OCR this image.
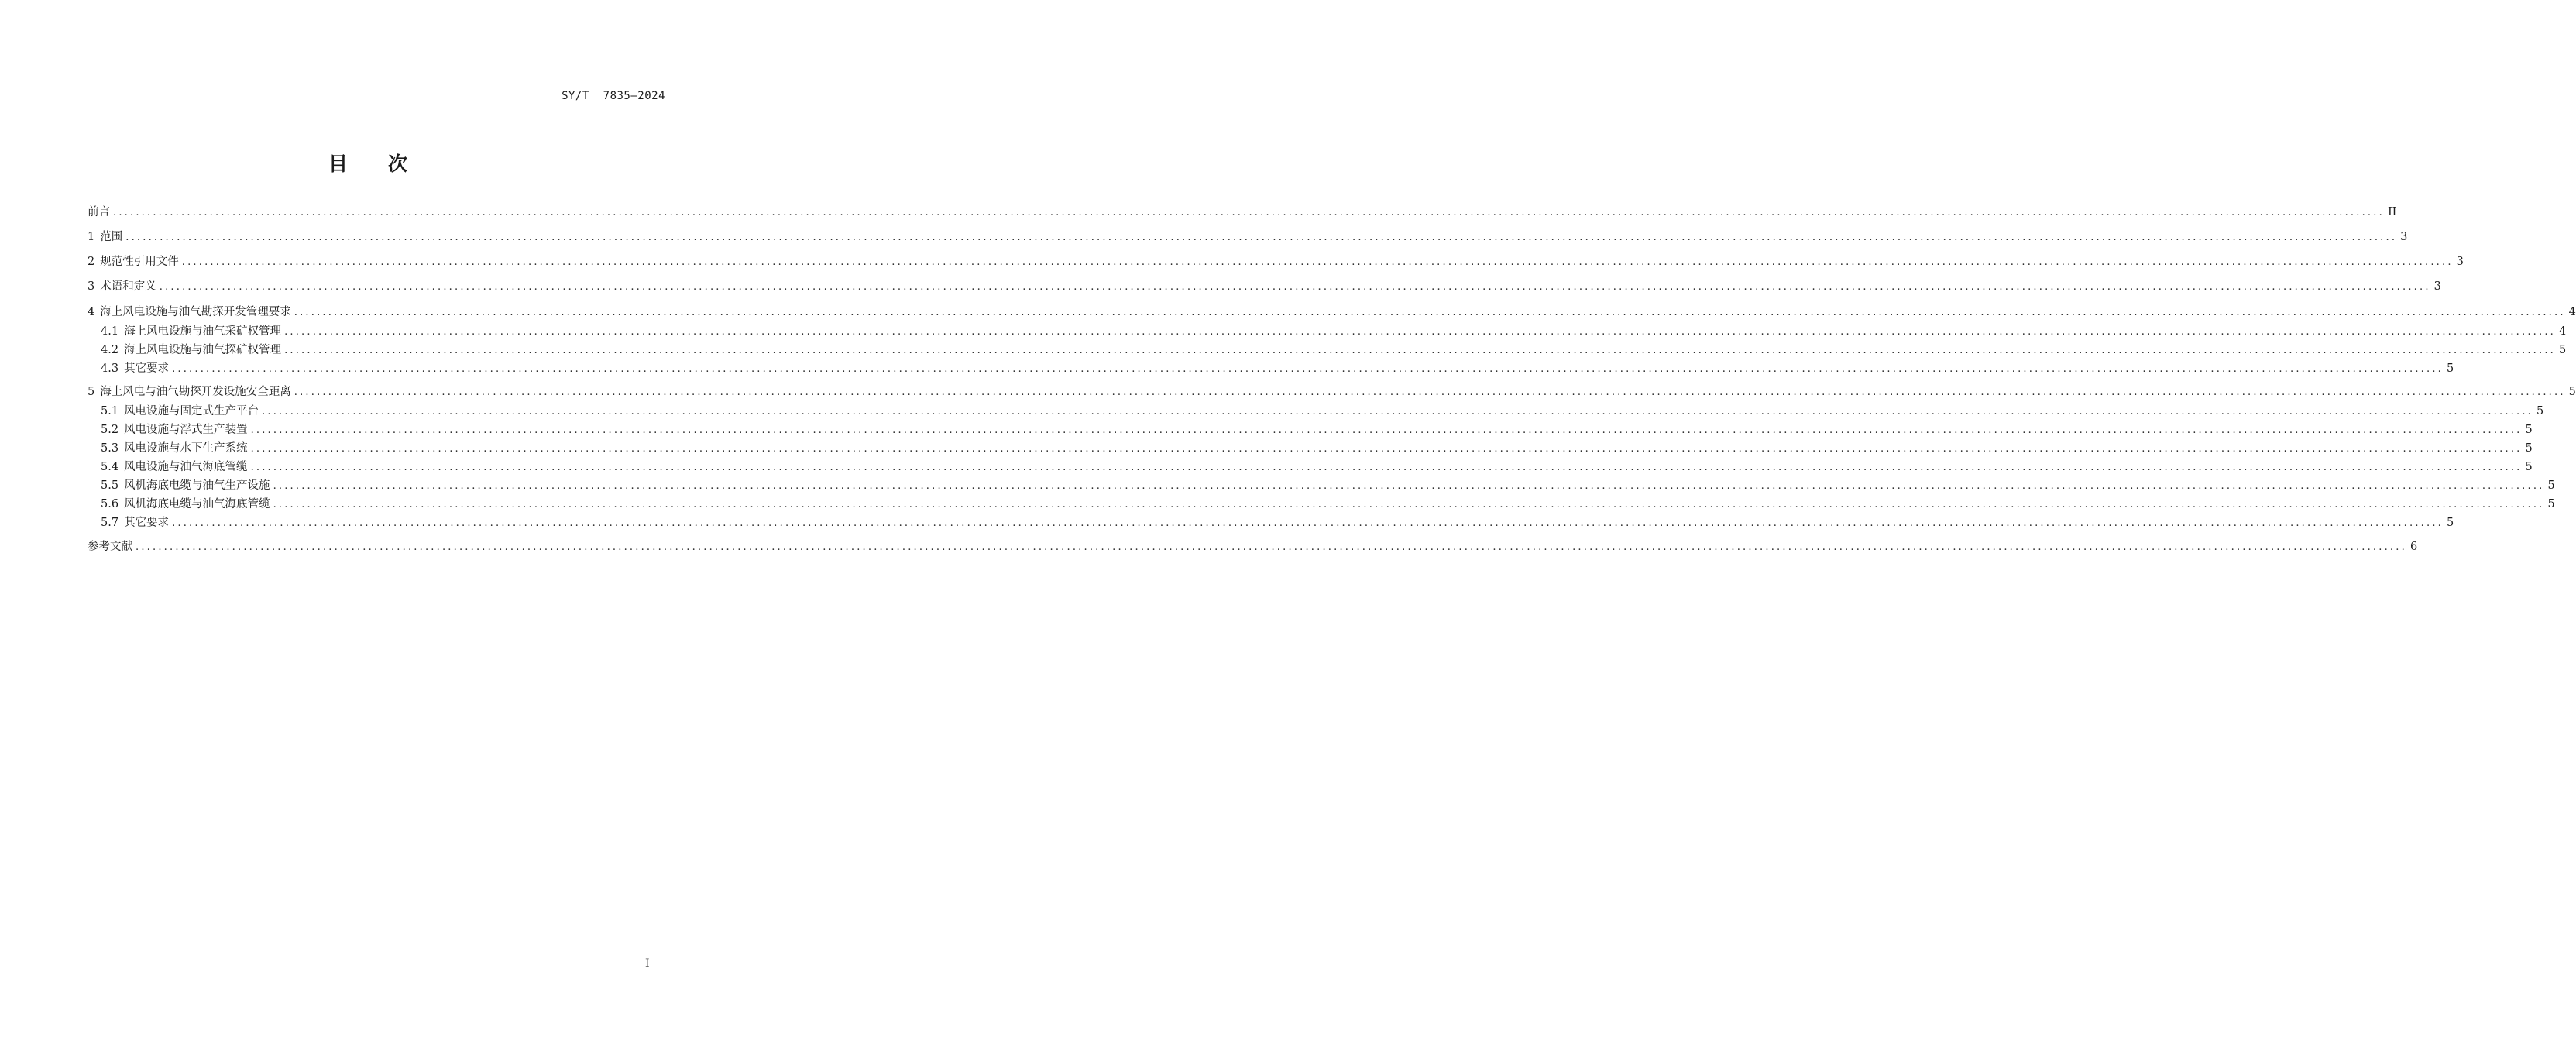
SY/T  7835—2024
目次
前言 ................................................................................................................................................................................................................................................................................................................................................................................................................ II
1 范围 ................................................................................................................................................................................................................................................................................................................................................................................................................ 3
2 规范性引用文件 ................................................................................................................................................................................................................................................................................................................................................................................................................ 3
3 术语和定义 ................................................................................................................................................................................................................................................................................................................................................................................................................ 3
4 海上风电设施与油气勘探开发管理要求 ................................................................................................................................................................................................................................................................................................................................................................................................................ 4
4.1 海上风电设施与油气采矿权管理 ................................................................................................................................................................................................................................................................................................................................................................................................................ 4
4.2 海上风电设施与油气探矿权管理 ................................................................................................................................................................................................................................................................................................................................................................................................................ 5
4.3 其它要求 ................................................................................................................................................................................................................................................................................................................................................................................................................ 5
5 海上风电与油气勘探开发设施安全距离 ................................................................................................................................................................................................................................................................................................................................................................................................................ 5
5.1 风电设施与固定式生产平台 ................................................................................................................................................................................................................................................................................................................................................................................................................ 5
5.2 风电设施与浮式生产装置 ................................................................................................................................................................................................................................................................................................................................................................................................................ 5
5.3 风电设施与水下生产系统 ................................................................................................................................................................................................................................................................................................................................................................................................................ 5
5.4 风电设施与油气海底管缆 ................................................................................................................................................................................................................................................................................................................................................................................................................ 5
5.5 风机海底电缆与油气生产设施 ................................................................................................................................................................................................................................................................................................................................................................................................................ 5
5.6 风机海底电缆与油气海底管缆 ................................................................................................................................................................................................................................................................................................................................................................................................................ 5
5.7 其它要求 ................................................................................................................................................................................................................................................................................................................................................................................................................ 5
参考文献 ................................................................................................................................................................................................................................................................................................................................................................................................................ 6
I
